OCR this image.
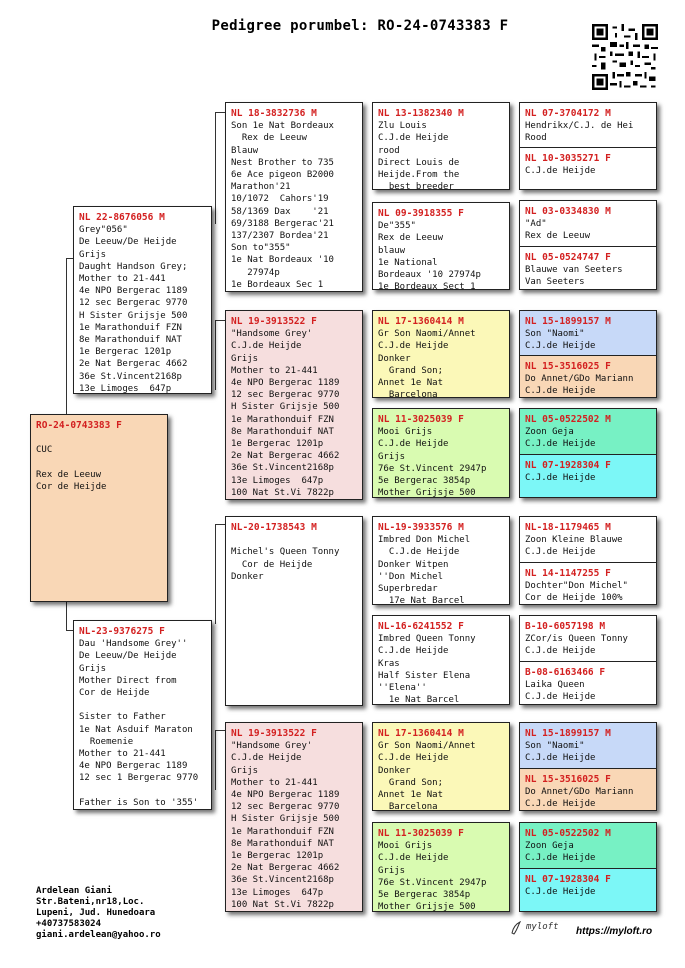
Pedigree porumbel: RO-24-0743383 F
RO-24-0743383 F

CUC

Rex de Leeuw
Cor de Heijde
NL 22-8676056 M
Grey"056"
De Leeuw/De Heijde
Grijs
Daught Handson Grey;
Mother to 21-441
4e NPO Bergerac 1189
12 sec Bergerac 9770
H Sister Grijsje 500
1e Marathonduif FZN
8e Marathonduif NAT
1e Bergerac 1201p
2e Nat Bergerac 4662
36e St.Vincent2168p
13e Limoges  647p
NL-23-9376275 F
Dau 'Handsome Grey''
De Leeuw/De Heijde
Grijs
Mother Direct from
Cor de Heijde

Sister to Father
1e Nat Asduif Maraton
Roemenie
Mother to 21-441
4e NPO Bergerac 1189
12 sec 1 Bergerac 9770

Father is Son to '355'
NL 18-3832736 M
Son 1e Nat Bordeaux
Rex de Leeuw
Blauw
Nest Brother to 735
6e Ace pigeon B2000
Marathon'21
10/1072  Cahors'19
58/1369 Dax    '21
69/3188 Bergerac'21
137/2307 Bordea'21
Son to"355"
1e Nat Bordeaux '10
27974p
1e Bordeaux Sec 1
NL 19-3913522 F
"Handsome Grey'
C.J.de Heijde
Grijs
Mother to 21-441
4e NPO Bergerac 1189
12 sec Bergerac 9770
H Sister Grijsje 500
1e Marathonduif FZN
8e Marathonduif NAT
1e Bergerac 1201p
2e Nat Bergerac 4662
36e St.Vincent2168p
13e Limoges  647p
100 Nat St.Vi 7822p
NL-20-1738543 M

Michel's Queen Tonny
Cor de Heijde
Donker
NL 19-3913522 F
"Handsome Grey'
C.J.de Heijde
Grijs
Mother to 21-441
4e NPO Bergerac 1189
12 sec Bergerac 9770
H Sister Grijsje 500
1e Marathonduif FZN
8e Marathonduif NAT
1e Bergerac 1201p
2e Nat Bergerac 4662
36e St.Vincent2168p
13e Limoges  647p
100 Nat St.Vi 7822p
NL 13-1382340 M
Zlu Louis
C.J.de Heijde
rood
Direct Louis de
Heijde.From the
best breeder
NL 09-3918355 F
De"355"
Rex de Leeuw
blauw
1e National
Bordeaux '10 27974p
1e Bordeaux Sect 1
NL 17-1360414 M
Gr Son Naomi/Annet
C.J.de Heijde
Donker
Grand Son;
Annet 1e Nat
Barcelona
NL 11-3025039 F
Mooi Grijs
C.J.de Heijde
Grijs
76e St.Vincent 2947p
5e Bergerac 3854p
Mother Grijsje 500
NL-19-3933576 M
Imbred Don Michel
C.J.de Heijde
Donker Witpen
''Don Michel
Superbredar
17e Nat Barcel
NL-16-6241552 F
Imbred Queen Tonny
C.J.de Heijde
Kras
Half Sister Elena
''Elena''
1e Nat Barcel
NL 17-1360414 M
Gr Son Naomi/Annet
C.J.de Heijde
Donker
Grand Son;
Annet 1e Nat
Barcelona
NL 11-3025039 F
Mooi Grijs
C.J.de Heijde
Grijs
76e St.Vincent 2947p
5e Bergerac 3854p
Mother Grijsje 500
NL 07-3704172 M
Hendrikx/C.J. de Hei
Rood
NL 10-3035271 F
C.J.de Heijde
NL 03-0334830 M
"Ad"
Rex de Leeuw
NL 05-0524747 F
Blauwe van Seeters
Van Seeters
NL 15-1899157 M
Son "Naomi"
C.J.de Heijde
NL 15-3516025 F
Do Annet/GDo Mariann
C.J.de Heijde
NL 05-0522502 M
Zoon Geja
C.J.de Heijde
NL 07-1928304 F
C.J.de Heijde
NL-18-1179465 M
Zoon Kleine Blauwe
C.J.de Heijde
NL 14-1147255 F
Dochter"Don Michel"
Cor de Heijde 100%
B-10-6057198 M
ZCor/is Queen Tonny
C.J.de Heijde
B-08-6163466 F
Laika Queen
C.J.de Heijde
NL 15-1899157 M
Son "Naomi"
C.J.de Heijde
NL 15-3516025 F
Do Annet/GDo Mariann
C.J.de Heijde
NL 05-0522502 M
Zoon Geja
C.J.de Heijde
NL 07-1928304 F
C.J.de Heijde
Ardelean Giani
Str.Bateni,nr18,Loc.
Lupeni, Jud. Hunedoara
+40737583024
giani.ardelean@yahoo.ro
myloft https://myloft.ro
